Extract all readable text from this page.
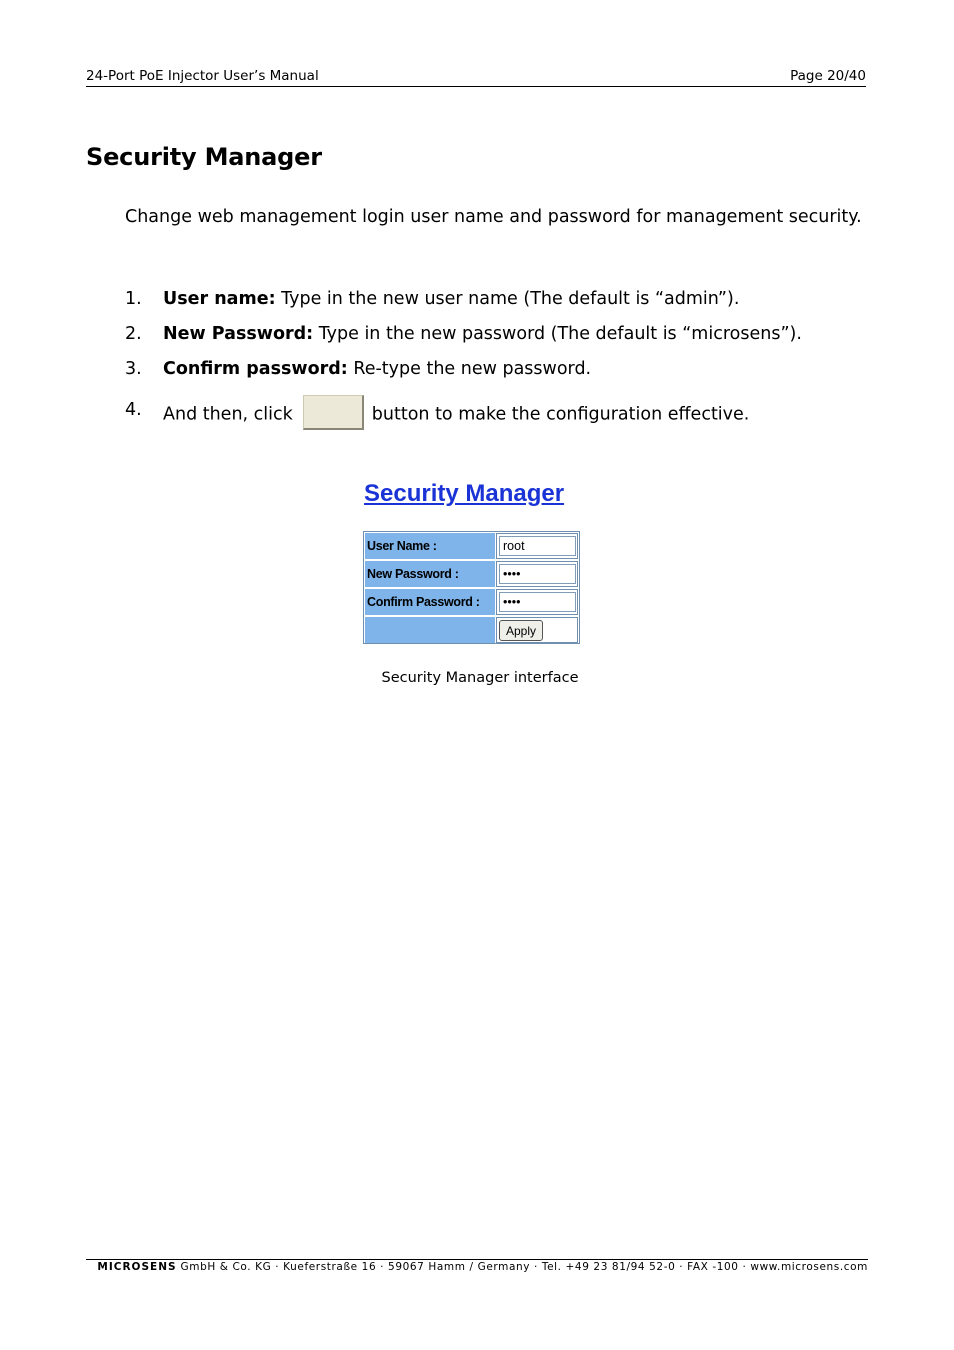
24-Port PoE Injector User’s Manual	Page 20/40
Security Manager
Change web management login user name and password for management security.
1.	User name: Type in the new user name (The default is “admin”).
2.	New Password: Type in the new password (The default is “microsens”).
3.	Confirm password: Re-type the new password.
4.	And then, click	button to make the configuration effective.
Security Manager
User Name :
root
New Password :
••••
Confirm Password :
••••
Apply
Security Manager interface
MICROSENS GmbH & Co. KG · Kueferstraße 16 · 59067 Hamm / Germany · Tel. +49 23 81/94 52-0 · FAX -100 · www.microsens.com
